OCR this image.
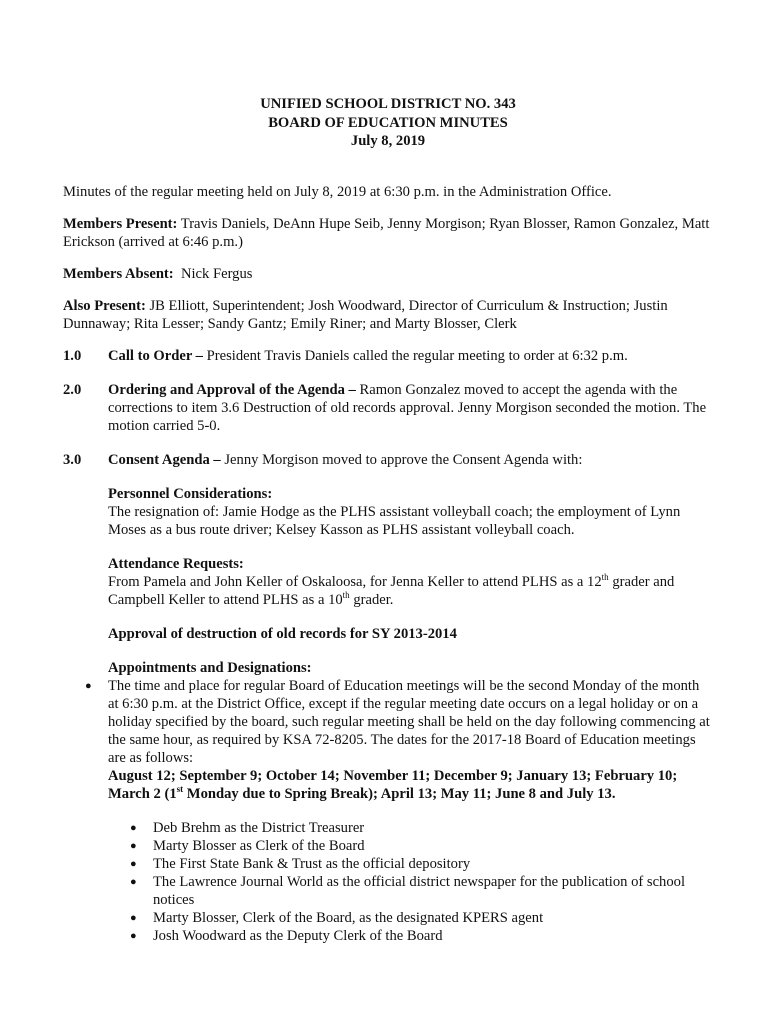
UNIFIED SCHOOL DISTRICT NO. 343
BOARD OF EDUCATION MINUTES
July 8, 2019

Minutes of the regular meeting held on July 8, 2019 at 6:30 p.m. in the Administration Office.

Members Present: Travis Daniels, DeAnn Hupe Seib, Jenny Morgison; Ryan Blosser, Ramon Gonzalez, Matt Erickson (arrived at 6:46 p.m.)

Members Absent:  Nick Fergus

Also Present: JB Elliott, Superintendent; Josh Woodward, Director of Curriculum & Instruction; Justin Dunnaway; Rita Lesser; Sandy Gantz; Emily Riner; and Marty Blosser, Clerk

1.0	Call to Order – President Travis Daniels called the regular meeting to order at 6:32 p.m.
2.0	Ordering and Approval of the Agenda – Ramon Gonzalez moved to accept the agenda with the corrections to item 3.6 Destruction of old records approval. Jenny Morgison seconded the motion. The motion carried 5-0.
3.0	Consent Agenda – Jenny Morgison moved to approve the Consent Agenda with:
Personnel Considerations:
The resignation of: Jamie Hodge as the PLHS assistant volleyball coach; the employment of Lynn Moses as a bus route driver; Kelsey Kasson as PLHS assistant volleyball coach.
Attendance Requests:
From Pamela and John Keller of Oskaloosa, for Jenna Keller to attend PLHS as a 12th grader and Campbell Keller to attend PLHS as a 10th grader.
Approval of destruction of old records for SY 2013-2014
Appointments and Designations:
● The time and place for regular Board of Education meetings will be the second Monday of the month at 6:30 p.m. at the District Office, except if the regular meeting date occurs on a legal holiday or on a holiday specified by the board, such regular meeting shall be held on the day following commencing at the same hour, as required by KSA 72-8205. The dates for the 2017-18 Board of Education meetings are as follows:
August 12; September 9; October 14; November 11; December 9; January 13; February 10; March 2 (1st Monday due to Spring Break); April 13; May 11; June 8 and July 13.
● Deb Brehm as the District Treasurer
● Marty Blosser as Clerk of the Board
● The First State Bank & Trust as the official depository
● The Lawrence Journal World as the official district newspaper for the publication of school notices
● Marty Blosser, Clerk of the Board, as the designated KPERS agent
● Josh Woodward as the Deputy Clerk of the Board
